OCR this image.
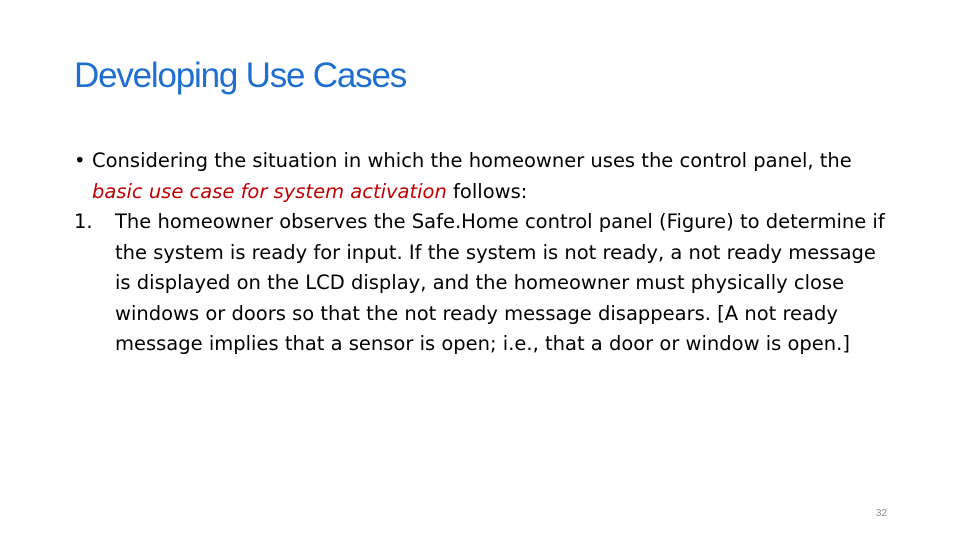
Developing Use Cases
• Considering the situation in which the homeowner uses the control panel, the basic use case for system activation follows:
1. The homeowner observes the Safe.Home control panel (Figure) to determine if the system is ready for input. If the system is not ready, a not ready message is displayed on the LCD display, and the homeowner must physically close windows or doors so that the not ready message disappears. [A not ready message implies that a sensor is open; i.e., that a door or window is open.]
32
